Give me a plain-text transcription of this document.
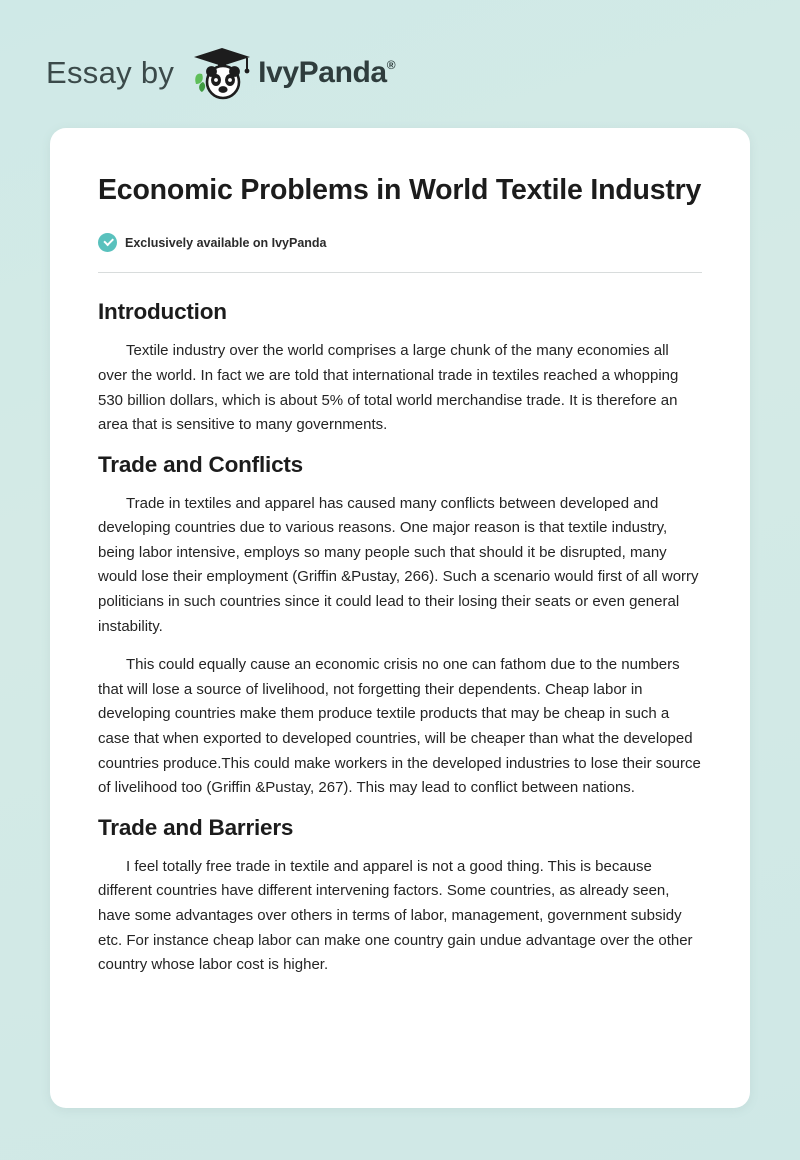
Essay by	IvyPanda®
Economic Problems in World Textile Industry
Exclusively available on IvyPanda
Introduction

Textile industry over the world comprises a large chunk of the many economies all over the world. In fact we are told that international trade in textiles reached a whopping 530 billion dollars, which is about 5% of total world merchandise trade. It is therefore an area that is sensitive to many governments.

Trade and Conflicts

Trade in textiles and apparel has caused many conflicts between developed and developing countries due to various reasons. One major reason is that textile industry, being labor intensive, employs so many people such that should it be disrupted, many would lose their employment (Griffin &Pustay, 266). Such a scenario would first of all worry politicians in such countries since it could lead to their losing their seats or even general instability.

This could equally cause an economic crisis no one can fathom due to the numbers that will lose a source of livelihood, not forgetting their dependents. Cheap labor in developing countries make them produce textile products that may be cheap in such a case that when exported to developed countries, will be cheaper than what the developed countries produce.This could make workers in the developed industries to lose their source of livelihood too (Griffin &Pustay, 267). This may lead to conflict between nations.

Trade and Barriers

I feel totally free trade in textile and apparel is not a good thing. This is because different countries have different intervening factors. Some countries, as already seen, have some advantages over others in terms of labor, management, government subsidy etc. For instance cheap labor can make one country gain undue advantage over the other country whose labor cost is higher.
